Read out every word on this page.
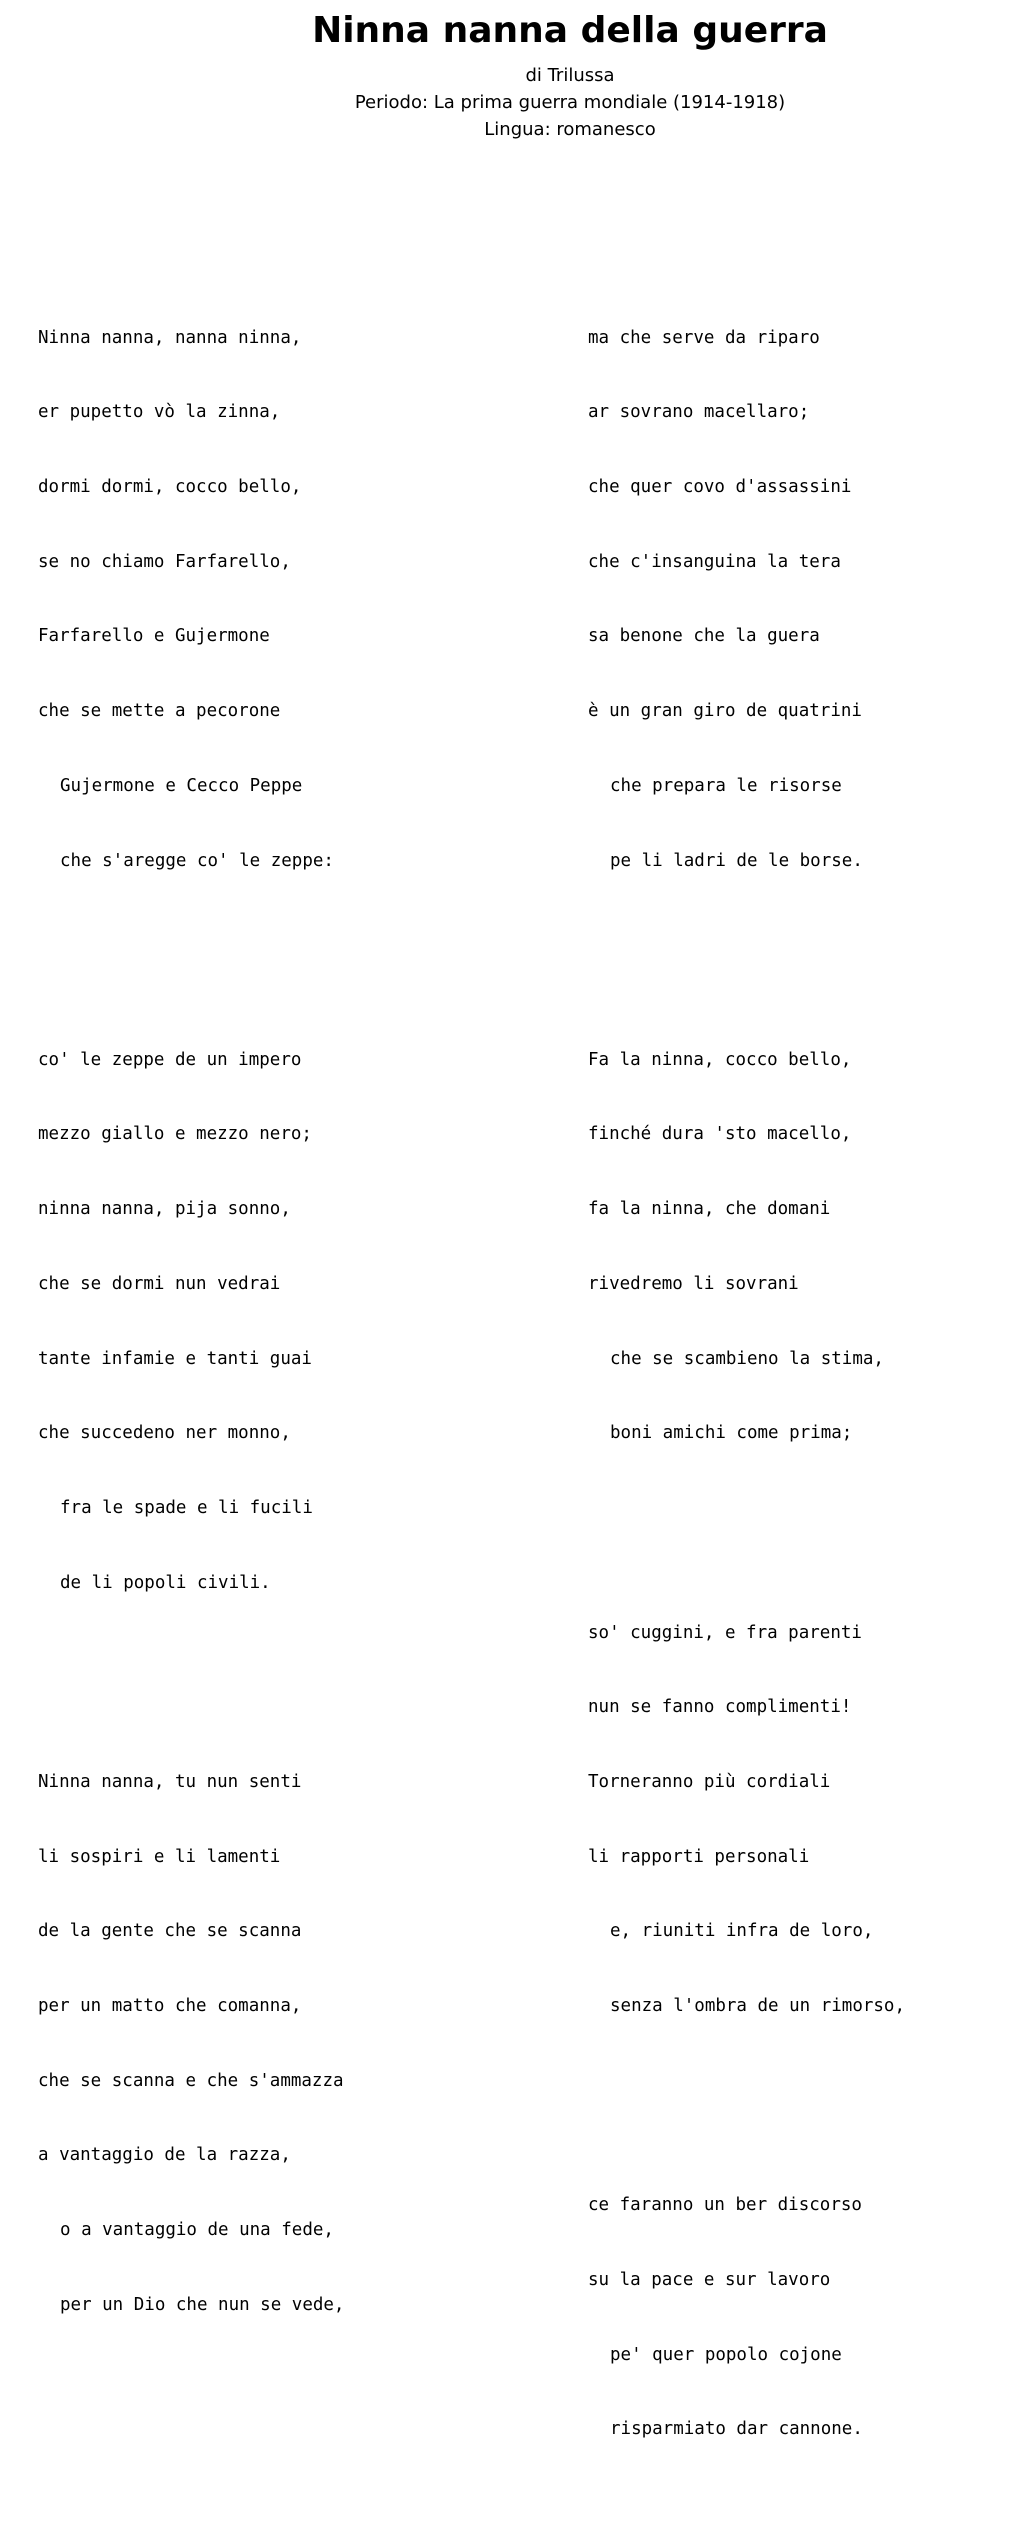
Ninna nanna della guerra
di Trilussa
Periodo: La prima guerra mondiale (1914-1918)
Lingua: romanesco

Ninna nanna, nanna ninna,

er pupetto vò la zinna,

dormi dormi, cocco bello,

se no chiamo Farfarello,

Farfarello e Gujermone

che se mette a pecorone

Gujermone e Cecco Peppe

che s'aregge co' le zeppe:

co' le zeppe de un impero

mezzo giallo e mezzo nero;

ninna nanna, pija sonno,

che se dormi nun vedrai

tante infamie e tanti guai

che succedeno ner monno,

fra le spade e li fucili

de li popoli civili.

Ninna nanna, tu nun senti

li sospiri e li lamenti

de la gente che se scanna

per un matto che comanna,

che se scanna e che s'ammazza

a vantaggio de la razza,

o a vantaggio de una fede,

per un Dio che nun se vede,

ma che serve da riparo

ar sovrano macellaro;

che quer covo d'assassini

che c'insanguina la tera

sa benone che la guera

è un gran giro de quatrini

che prepara le risorse

pe li ladri de le borse.

Fa la ninna, cocco bello,

finché dura 'sto macello,

fa la ninna, che domani

rivedremo li sovrani

che se scambieno la stima,

boni amichi come prima;

so' cuggini, e fra parenti

nun se fanno complimenti!

Torneranno più cordiali

li rapporti personali

e, riuniti infra de loro,

senza l'ombra de un rimorso,

ce faranno un ber discorso

su la pace e sur lavoro

pe' quer popolo cojone

risparmiato dar cannone.
